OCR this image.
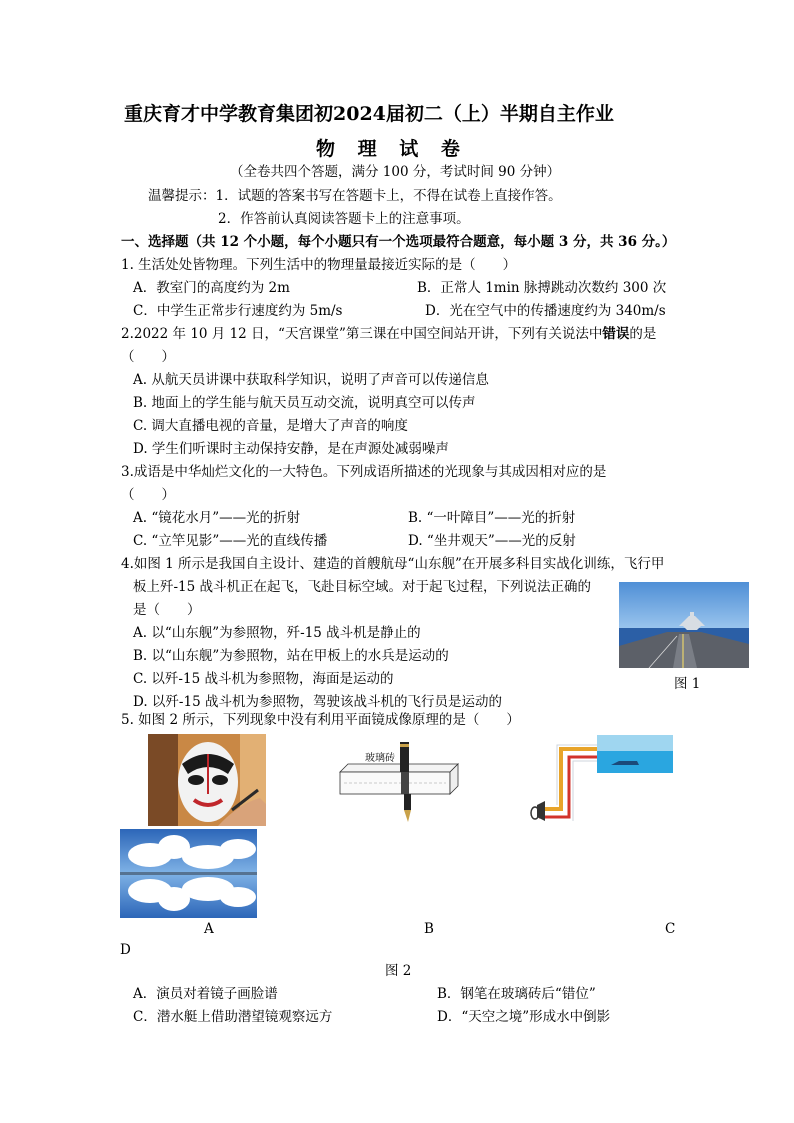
重庆育才中学教育集团初2024届初二（上）半期自主作业
物 理 试 卷
（全卷共四个答题，满分 100 分，考试时间 90 分钟）
温馨提示：1．试题的答案书写在答题卡上，不得在试卷上直接作答。
2．作答前认真阅读答题卡上的注意事项。
一、选择题（共 12 个小题，每个小题只有一个选项最符合题意，每小题 3 分，共 36 分。）
1. 生活处处皆物理。下列生活中的物理量最接近实际的是（　　）
A．教室门的高度约为 2m	B．正常人 1min 脉搏跳动次数约 300 次
C．中学生正常步行速度约为 5m/s	D．光在空气中的传播速度约为 340m/s
2.2022 年 10 月 12 日，“天宫课堂”第三课在中国空间站开讲，下列有关说法中错误的是
（　　）
A. 从航天员讲课中获取科学知识，说明了声音可以传递信息
B. 地面上的学生能与航天员互动交流，说明真空可以传声
C. 调大直播电视的音量，是增大了声音的响度
D. 学生们听课时主动保持安静，是在声源处减弱噪声
3.成语是中华灿烂文化的一大特色。下列成语所描述的光现象与其成因相对应的是
（　　）
A. “镜花水月”——光的折射	B. “一叶障目”——光的折射
C. “立竿见影”——光的直线传播	D. “坐井观天”——光的反射
4.如图 1 所示是我国自主设计、建造的首艘航母“山东舰”在开展多科目实战化训练，飞行甲
板上歼-15 战斗机正在起飞，飞赴目标空域。对于起飞过程，下列说法正确的
是（　　）
A. 以“山东舰”为参照物，歼-15 战斗机是静止的
B. 以“山东舰”为参照物，站在甲板上的水兵是运动的
C. 以歼-15 战斗机为参照物，海面是运动的
D. 以歼-15 战斗机为参照物，驾驶该战斗机的飞行员是运动的
图 1
5. 如图 2 所示，下列现象中没有利用平面镜成像原理的是（　　）
玻璃砖
A	B	C
D
图 2
A．演员对着镜子画脸谱	B．钢笔在玻璃砖后“错位”
C．潜水艇上借助潜望镜观察远方	D．“天空之境”形成水中倒影
